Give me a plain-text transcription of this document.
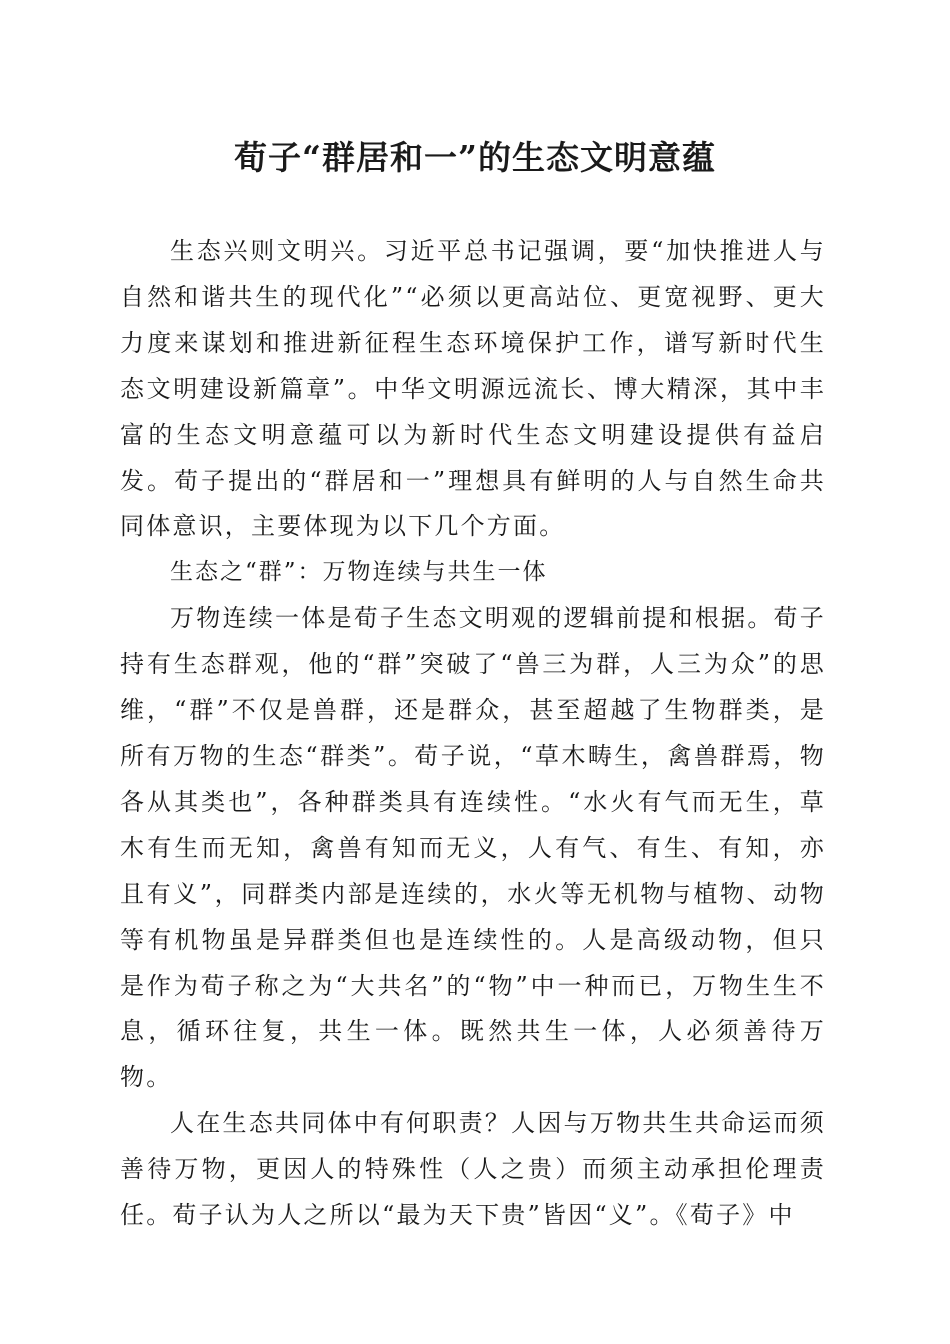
荀子“群居和一”的生态文明意蕴

生态兴则文明兴。习近平总书记强调，要“加快推进人与自然和谐共生的现代化”“必须以更高站位、更宽视野、更大力度来谋划和推进新征程生态环境保护工作，谱写新时代生态文明建设新篇章”。中华文明源远流长、博大精深，其中丰富的生态文明意蕴可以为新时代生态文明建设提供有益启发。荀子提出的“群居和一”理想具有鲜明的人与自然生命共同体意识，主要体现为以下几个方面。

生态之“群”：万物连续与共生一体

万物连续一体是荀子生态文明观的逻辑前提和根据。荀子持有生态群观，他的“群”突破了“兽三为群，人三为众”的思维，“群”不仅是兽群，还是群众，甚至超越了生物群类，是所有万物的生态“群类”。荀子说，“草木畴生，禽兽群焉，物各从其类也”，各种群类具有连续性。“水火有气而无生，草木有生而无知，禽兽有知而无义，人有气、有生、有知，亦且有义”，同群类内部是连续的，水火等无机物与植物、动物等有机物虽是异群类但也是连续性的。人是高级动物，但只是作为荀子称之为“大共名”的“物”中一种而已，万物生生不息，循环往复，共生一体。既然共生一体，人必须善待万物。

人在生态共同体中有何职责？人因与万物共生共命运而须善待万物，更因人的特殊性（人之贵）而须主动承担伦理责任。荀子认为人之所以“最为天下贵”皆因“义”。《荀子》中
